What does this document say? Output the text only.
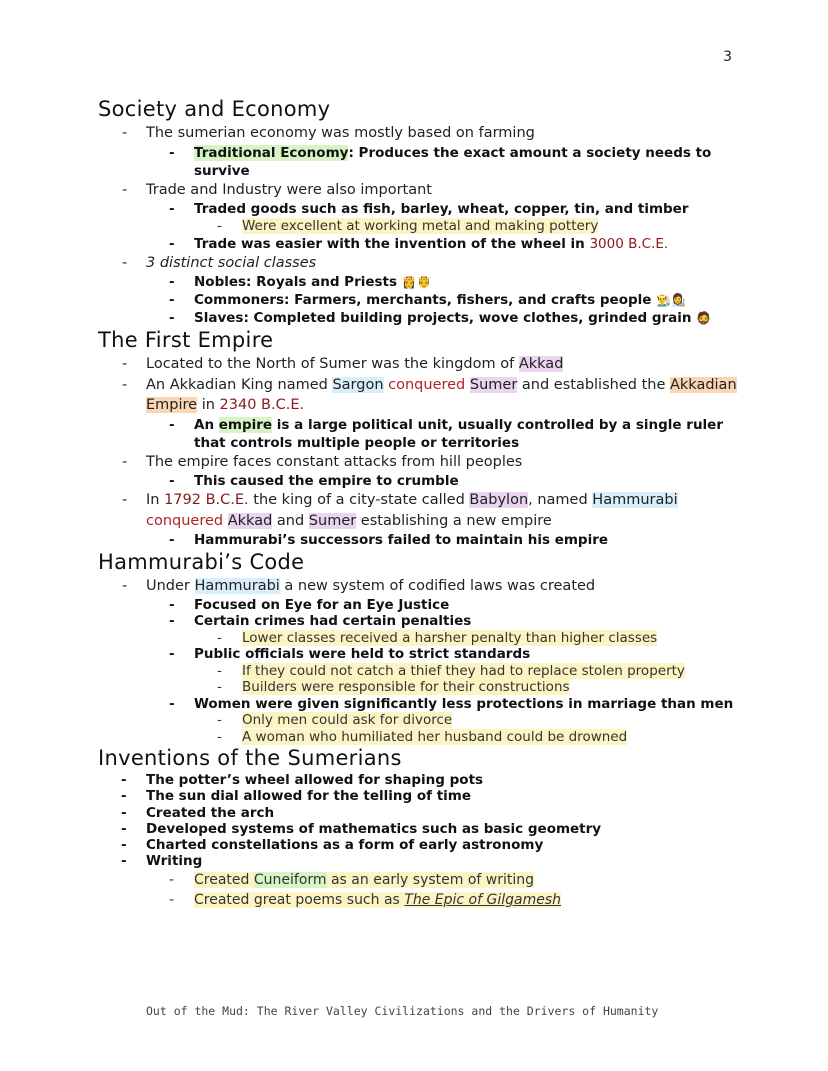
3
Society and Economy
- The sumerian economy was mostly based on farming
- Traditional Economy: Produces the exact amount a society needs to survive
- Trade and Industry were also important
- Traded goods such as fish, barley, wheat, copper, tin, and timber
- Were excellent at working metal and making pottery
- Trade was easier with the invention of the wheel in 3000 B.C.E.
- 3 distinct social classes
- Nobles: Royals and Priests 👸🤴
- Commoners: Farmers, merchants, fishers, and crafts people 👨‍🌾👩‍🎨
- Slaves: Completed building projects, wove clothes, grinded grain 🧔
The First Empire
- Located to the North of Sumer was the kingdom of Akkad
- An Akkadian King named Sargon conquered Sumer and established the Akkadian Empire in 2340 B.C.E.
- An empire is a large political unit, usually controlled by a single ruler that controls multiple people or territories
- The empire faces constant attacks from hill peoples
- This caused the empire to crumble
- In 1792 B.C.E. the king of a city-state called Babylon, named Hammurabi conquered Akkad and Sumer establishing a new empire
- Hammurabi’s successors failed to maintain his empire
Hammurabi’s Code
- Under Hammurabi a new system of codified laws was created
- Focused on Eye for an Eye Justice
- Certain crimes had certain penalties
- Lower classes received a harsher penalty than higher classes
- Public officials were held to strict standards
- If they could not catch a thief they had to replace stolen property
- Builders were responsible for their constructions
- Women were given significantly less protections in marriage than men
- Only men could ask for divorce
- A woman who humiliated her husband could be drowned
Inventions of the Sumerians
- The potter’s wheel allowed for shaping pots
- The sun dial allowed for the telling of time
- Created the arch
- Developed systems of mathematics such as basic geometry
- Charted constellations as a form of early astronomy
- Writing
- Created Cuneiform as an early system of writing
- Created great poems such as The Epic of Gilgamesh
Out of the Mud: The River Valley Civilizations and the Drivers of Humanity
